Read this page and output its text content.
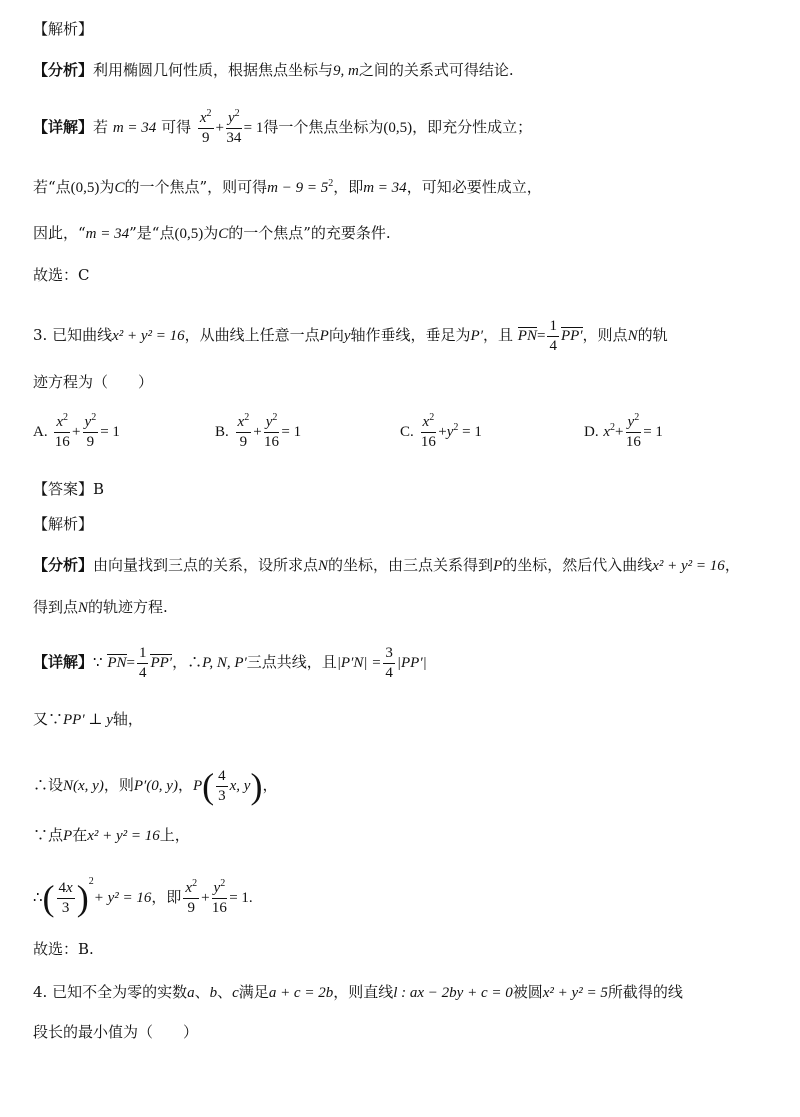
【解析】
【分析】利用椭圆几何性质，根据焦点坐标与9, m之间的关系式可得结论.
【详解】若 m = 34 可得 $\frac{x^2}{9} + \frac{y^2}{34} = 1$得一个焦点坐标为(0,5)，即充分性成立；
若“点(0,5)为C的一个焦点”，则可得$m - 9 = 5^2$，即m = 34，可知必要性成立，
因此，“m = 34”是“点(0,5)为C的一个焦点”的充要条件.
故选：C
3. 已知曲线x² + y² = 16，从曲线上任意一点P向y轴作垂线，垂足为P′，且 $PN= \frac{1}{4} PP'$，则点N的轨
迹方程为（　　）
A. $\frac{x^2}{16} + \frac{y^2}{9} = 1$	B. $\frac{x^2}{9} + \frac{y^2}{16} = 1$	C. $\frac{x^2}{16} +y^2 = 1$	D. $x^2+ \frac{y^2}{16} = 1$
【答案】B
【解析】
【分析】由向量找到三点的关系，设所求点N的坐标，由三点关系得到P的坐标，然后代入曲线x² + y² = 16，
得到点N的轨迹方程.
【详解】∵ $PN= \frac{1}{4} PP'$，∴P, N, P′三点共线，且$|P'N| = \frac{3}{4} |PP'|$
又∵PP′ ⊥ y轴，
∴设N(x, y)，则P′(0, y)，$P( \frac{4}{3} x$, y)，
∵点P在x² + y² = 16上，
∴( $\frac{4x}{3} )^2+ y^2 = 16$，即 $\frac{x^2}{9} + \frac{y^2}{16} = 1$.
故选：B.
4. 已知不全为零的实数a、b、c满足a + c = 2b，则直线l : ax − 2by + c = 0被圆x² + y² = 5所截得的线
段长的最小值为（　　）
